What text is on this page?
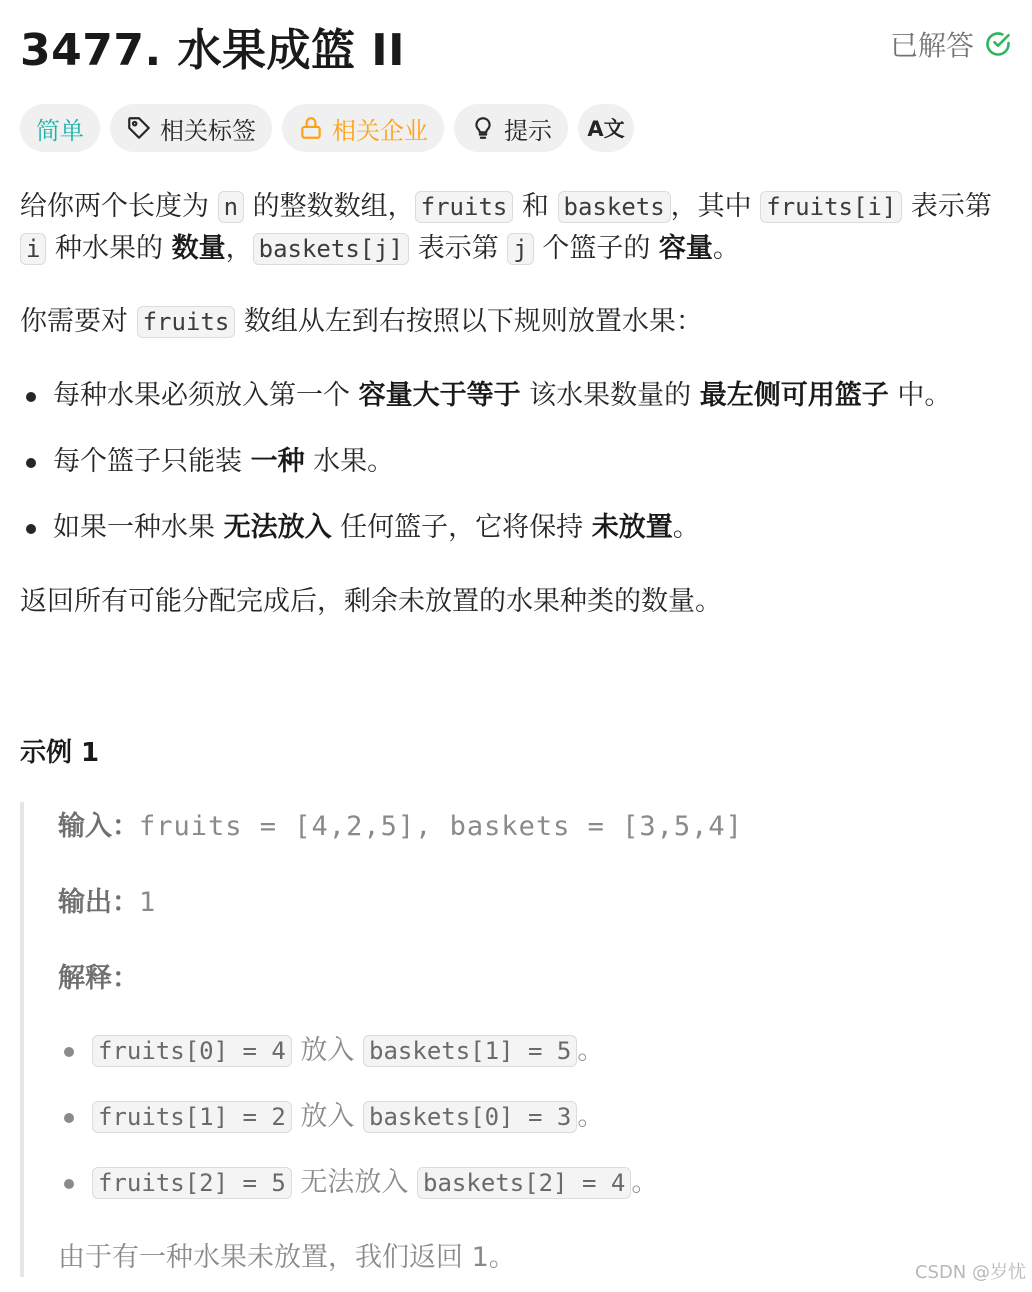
3477. 水果成篮 II	已解答
简单	相关标签	相关企业	提示 A文

给你两个长度为 n 的整数数组， fruits 和 baskets ，其中 fruits[i] 表示第 i 种水果的 数量， baskets[j] 表示第 j 个篮子的 容量。

你需要对 fruits 数组从左到右按照以下规则放置水果：

每种水果必须放入第一个 容量大于等于 该水果数量的 最左侧可用篮子 中。
每个篮子只能装 一种 水果。
如果一种水果 无法放入 任何篮子，它将保持 未放置。

返回所有可能分配完成后，剩余未放置的水果种类的数量。

示例 1
输入：fruits = [4,2,5], baskets = [3,5,4]
输出：1
解释：
fruits[0] = 4 放入 baskets[1] = 5 。
fruits[1] = 2 放入 baskets[0] = 3 。
fruits[2] = 5 无法放入 baskets[2] = 4 。
由于有一种水果未放置，我们返回 1。	CSDN @岁忧
